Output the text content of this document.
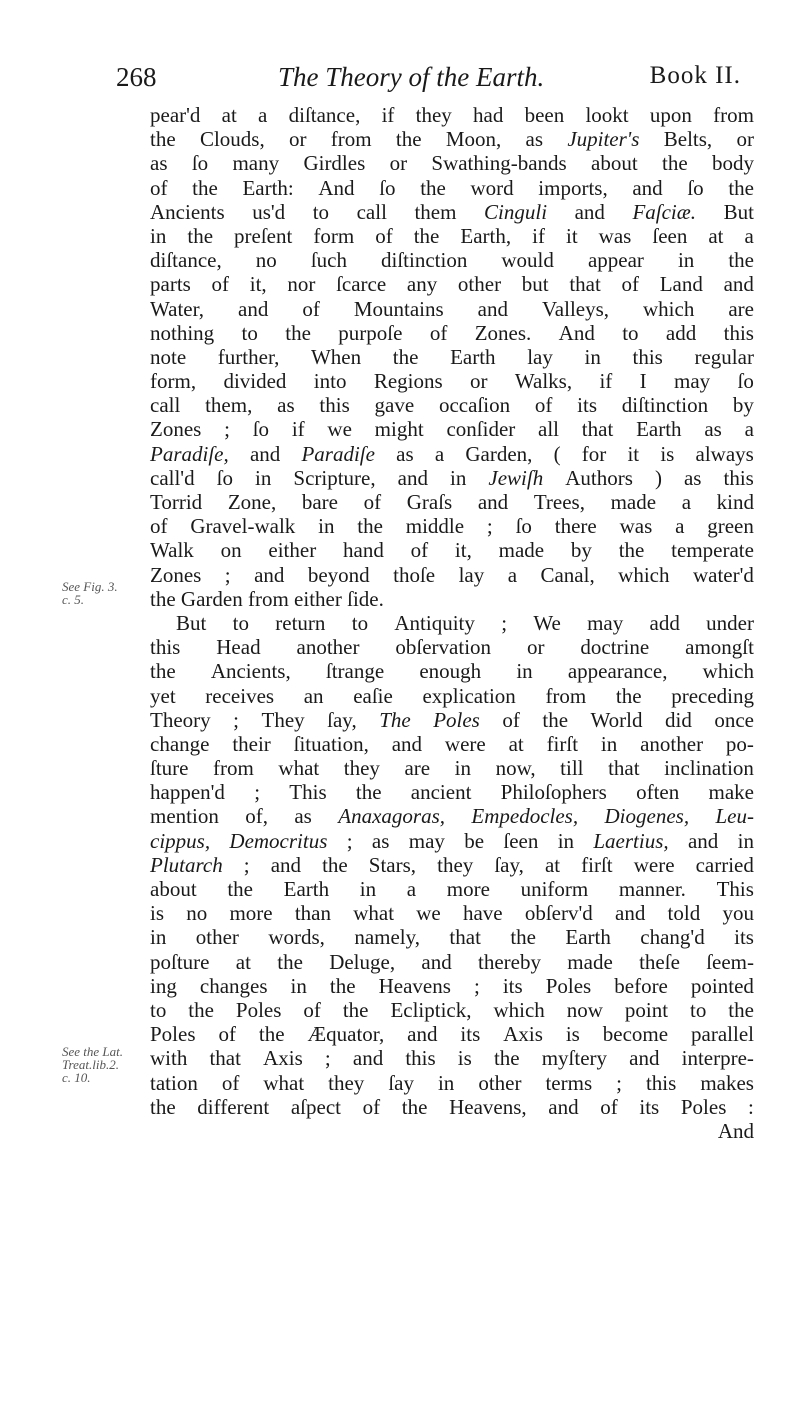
268	The Theory of the Earth.	Book II.
See Fig. 3.
c. 5.
See the Lat.
Treat.lib.2.
c. 10.
pear'd at a diſtance, if they had been lookt upon from
the Clouds, or from the Moon, as Jupiter's Belts, or
as ſo many Girdles or Swathing-bands about the body
of the Earth: And ſo the word imports, and ſo the
Ancients us'd to call them Cinguli and Faſciæ. But
in the preſent form of the Earth, if it was ſeen at a
diſtance, no ſuch diſtinction would appear in the
parts of it, nor ſcarce any other but that of Land and
Water, and of Mountains and Valleys, which are
nothing to the purpoſe of Zones. And to add this
note further, When the Earth lay in this regular
form, divided into Regions or Walks, if I may ſo
call them, as this gave occaſion of its diſtinction by
Zones ; ſo if we might conſider all that Earth as a
Paradiſe, and Paradiſe as a Garden, ( for it is always
call'd ſo in Scripture, and in Jewiſh Authors ) as this
Torrid Zone, bare of Graſs and Trees, made a kind
of Gravel-walk in the middle ; ſo there was a green
Walk on either hand of it, made by the temperate
Zones ; and beyond thoſe lay a Canal, which water'd
the
Garden
from
either
ſide.
But to return to Antiquity ; We may add under
this Head another obſervation or doctrine amongſt
the Ancients, ſtrange enough in appearance, which
yet receives an eaſie explication from the preceding
Theory ; They ſay, The Poles of the World did once
change their ſituation, and were at firſt in another po-
ſture from what they are in now, till that inclination
happen'd ; This the ancient Philoſophers often make
mention of, as Anaxagoras, Empedocles, Diogenes, Leu-
cippus, Democritus ; as may be ſeen in Laertius, and in
Plutarch ; and the Stars, they ſay, at firſt were carried
about the Earth in a more uniform manner. This
is no more than what we have obſerv'd and told you
in other words, namely, that the Earth chang'd its
poſture at the Deluge, and thereby made theſe ſeem-
ing changes in the Heavens ; its Poles before pointed
to the Poles of the Ecliptick, which now point to the
Poles of the Æquator, and its Axis is become parallel
with that Axis ; and this is the myſtery and interpre-
tation of what they ſay in other terms ; this makes
the different aſpect of the Heavens, and of its Poles :
And
